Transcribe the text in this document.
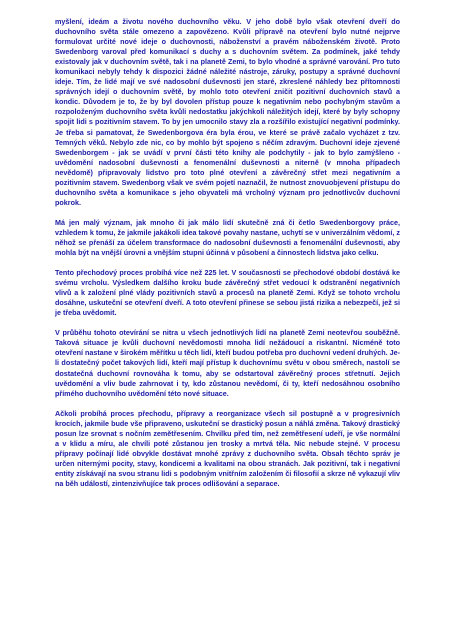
myšlení, ideám a životu nového duchovního věku. V jeho době bylo však otevření dveří do duchovního světa stále omezeno a zapovězeno. Kvůli přípravě na otevření bylo nutné nejprve formulovat určité nové ideje o duchovnosti, náboženství a pravém náboženském životě. Proto Swedenborg varoval před komunikací s duchy a s duchovním světem. Za podmínek, jaké tehdy existovaly jak v duchovním světě, tak i na planetě Zemi, to bylo vhodné a správné varování. Pro tuto komunikaci nebyly tehdy k dispozici žádné náležité nástroje, záruky, postupy a správné duchovní ideje. Tím, že lidé mají ve své nadosobní duševnosti jen staré, zkreslené náhledy bez přítomnosti správných idejí o duchovním světě, by mohlo toto otevření zničit pozitivní duchovních stavů a kondic. Důvodem je to, že by byl dovolen přístup pouze k negativním nebo pochybným stavům a rozpoloženým duchovního světa kvůli nedostatku jakýchkoli náležitých idejí, které by byly schopny spojit lidi s pozitivním stavem. To by jen umocnilo stavy zla a rozšířilo existující negativní podmínky. Je třeba si pamatovat, že Swedenborgova éra byla érou, ve které se právě začalo vycházet z tzv. Temných věků. Nebylo zde nic, co by mohlo být spojeno s něčím zdravým. Duchovní ideje zjevené Swedenborgem - jak se uvádí v první části této knihy ale podchytily - jak to bylo zamýšleno - uvědomění nadosobní duševnosti a fenomenální duševnosti a niterně (v mnoha případech nevědomě) připravovaly lidstvo pro toto plné otevření a závěrečný střet mezi negativním a pozitivním stavem. Swedenborg však ve svém pojetí naznačil, že nutnost znovuobjevení přístupu do duchovního světa a komunikace s jeho obyvateli má vrcholný význam pro jednotlivcův duchovní pokrok.

Má jen malý význam, jak mnoho či jak málo lidí skutečně zná či četlo Swedenborgovy práce, vzhledem k tomu, že jakmile jakákoli idea takové povahy nastane, uchytí se v univerzálním vědomí, z něhož se přenáší za účelem transformace do nadosobní duševnosti a fenomenální duševnosti, aby mohla být na vnější úrovni a vnějším stupni účinná v působení a činnostech lidstva jako celku.

Tento přechodový proces probíhá více než 225 let. V současnosti se přechodové období dostává ke svému vrcholu. Výsledkem dalšího kroku bude závěrečný střet vedoucí k odstranění negativních vlivů a k založení plné vlády pozitivních stavů a procesů na planetě Zemi. Když se tohoto vrcholu dosáhne, uskuteční se otevření dveří. A toto otevření přinese se sebou jistá rizika a nebezpečí, jež si je třeba uvědomit.

V průběhu tohoto otevírání se nitra u všech jednotlivých lidí na planetě Zemi neotevřou souběžně. Taková situace je kvůli duchovní nevědomosti mnoha lidí nežádoucí a riskantní. Nicméně toto otevření nastane v širokém měřítku u těch lidí, kteří budou potřeba pro duchovní vedení druhých. Je-li dostatečný počet takových lidí, kteří mají přístup k duchovnímu světu v obou směrech, nastolí se dostatečná duchovní rovnováha k tomu, aby se odstartoval závěrečný proces střetnutí. Jejich uvědomění a vliv bude zahrnovat i ty, kdo zůstanou nevědomí, či ty, kteří nedosáhnou osobního přímého duchovního uvědomění této nové situace.

Ačkoli probíhá proces přechodu, přípravy a reorganizace všech sil postupně a v progresivních krocích, jakmile bude vše připraveno, uskuteční se drastický posun a náhlá změna. Takový drastický posun lze srovnat s nočním zemětřesením. Chvilku před tím, než zemětřesení udeří, je vše normální a v klidu a míru, ale chvíli poté zůstanou jen trosky a mrtvá těla. Nic nebude stejné. V procesu přípravy počínají lidé obvykle dostávat mnohé zprávy z duchovního světa. Obsah těchto správ je určen niternými pocity, stavy, kondicemi a kvalitami na obou stranách. Jak pozitivní, tak i negativní entity získávají na svou stranu lidi s podobným vnitřním založením či filosofií a skrze ně vykazují vliv na běh událostí, zintenzivňujíce tak proces odlišování a separace.
